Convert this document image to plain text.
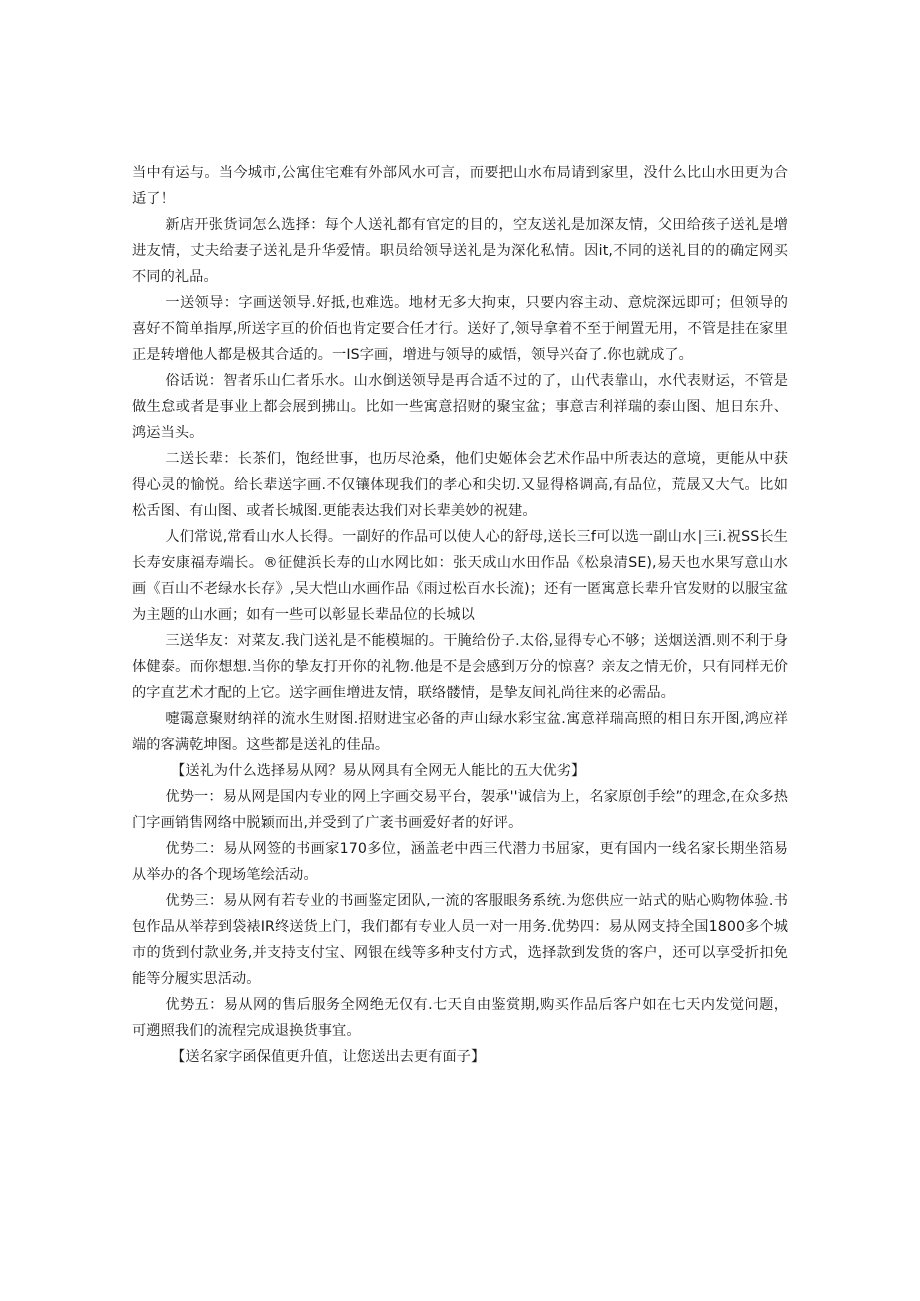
当中有运与。当今城市,公寓住宅难有外部风水可言，而要把山水布局请到家里，没什么比山水田更为合适了！

新店开张货词怎么选择：每个人送礼都有官定的目的，空友送礼是加深友情，父田给孩子送礼是增进友情，丈夫给妻子送礼是升华爱情。职员给领导送礼是为深化私情。因it,不同的送礼目的的确定网买不同的礼品。

一送领导：字画送领导.好抵,也难选。地材无多大拘束，只要内容主动、意烷深远即可；但领导的喜好不简单指厚,所送字亘的价佰也肯定要合任才行。送好了,领导拿着不至于闸置无用，不管是挂在家里正是转增他人都是极其合适的。一IS字画，增进与领导的威悟，领导兴奋了.你也就成了。

俗话说：智者乐山仁者乐水。山水倒送领导是再合适不过的了，山代表靠山，水代表财运，不管是做生怠或者是事业上都会展到拂山。比如一些寓意招财的聚宝盆；事意吉利祥瑞的泰山图、旭日东升、鸿运当头。

二送长辈：长茶们，饱经世事，也历尽沧桑，他们史姬体会艺术作品中所表达的意境，更能从中获得心灵的愉悦。给长辈送字画.不仅镶体现我们的孝心和尖切.又显得格调高,有品位，荒晟又大气。比如松舌图、有山图、或者长城图.更能表达我们对长辈美妙的祝建。

人们常说,常看山水人长得。一副好的作品可以使人心的舒母,送长三f可以选一副山水∣三i.祝SS长生长寿安康福寿端长。®征健浜长寿的山水网比如：张天成山水田作品《松泉清SE),易天也水果写意山水画《百山不老绿水长存》,吴大恺山水画作品《雨过松百水长流)；还有一匿寓意长辈升官发财的以服宝盆为主题的山水画；如有一些可以彰显长辈品位的长城以

三送华友：对菜友.我门送礼是不能模堀的。干腌给份子.太俗,显得专心不够；送烟送酒.则不利于身体健泰。而你想想.当你的挚友打开你的礼物.他是不是会感到万分的惊喜？亲友之情无价，只有同样无价的字直艺术才配的上它。送字画隹增进友情，联络髅情，是挚友间礼尚往来的必需品。

嚏霭意聚财纳祥的流水生财图.招财进宝必备的声山绿水彩宝盆.寓意祥瑞高照的相日东开图,鸿应祥端的客满乾坤图。这些都是送礼的佳品。

【送礼为什么选择易从网？易从网具有全网无人能比的五大优劣】

优势一：易从网是国内专业的网上字画交易平台，袈承''诚信为上，名家原创手绘”的理念,在众多热门字画销售网络中脱颖而出,并受到了广袤书画爱好者的好评。

优势二：易从网签的书画家170多位，涵盖老中西三代潜力书屈家，更有国内一线名家长期坐箔易从举办的各个现场笔绘活动。

优势三：易从网有若专业的书画鉴定团队,一流的客服眼务系统.为您供应一站式的贴心购物体验.书包作品从举荐到袋裱IR终送货上门，我们都有专业人员一对一用务.优势四：易从网支持全国1800多个城市的货到付款业务,并支持支付宝、网银在线等多种支付方式，选择款到发货的客户，还可以享受折扣免能等分履实思活动。

优势五：易从网的售后服务全网绝无仅有.七天自由鉴赏期,购买作品后客户如在七天内发觉问题，可遡照我们的流程完成退换货事宜。

【送名家字函保值更升值，让您送出去更有面子】
